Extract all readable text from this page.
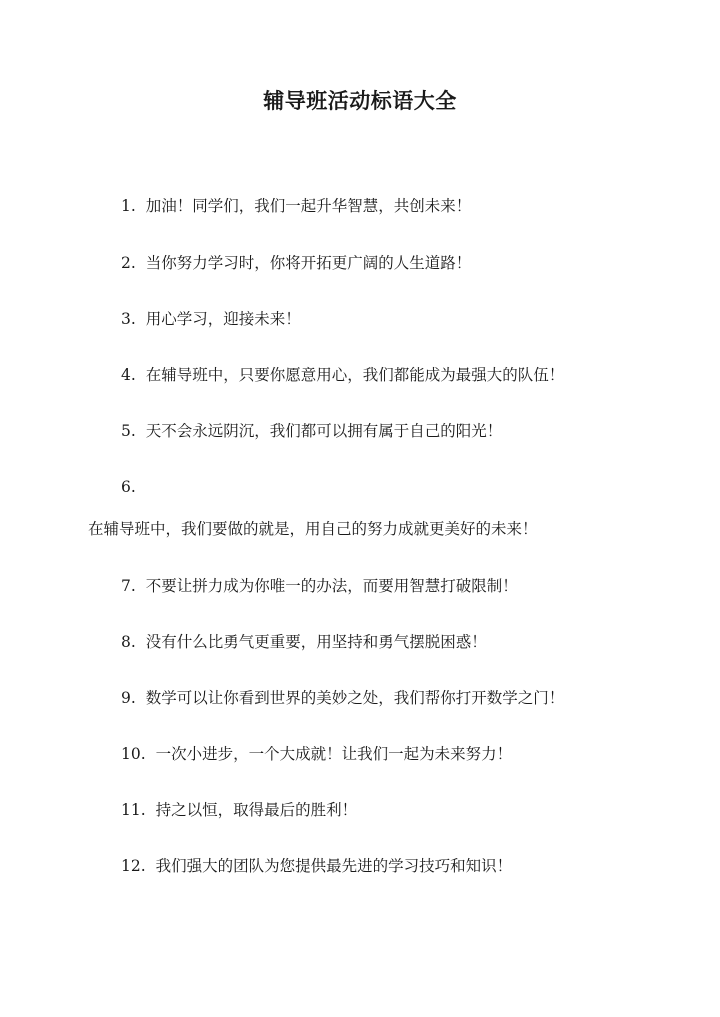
辅导班活动标语大全
1. 加油！同学们，我们一起升华智慧，共创未来！
2. 当你努力学习时，你将开拓更广阔的人生道路！
3. 用心学习，迎接未来！
4. 在辅导班中，只要你愿意用心，我们都能成为最强大的队伍！
5. 天不会永远阴沉，我们都可以拥有属于自己的阳光！
6.
在辅导班中，我们要做的就是，用自己的努力成就更美好的未来！
7. 不要让拼力成为你唯一的办法，而要用智慧打破限制！
8. 没有什么比勇气更重要，用坚持和勇气摆脱困惑！
9. 数学可以让你看到世界的美妙之处，我们帮你打开数学之门！
10. 一次小进步，一个大成就！让我们一起为未来努力！
11. 持之以恒，取得最后的胜利！
12. 我们强大的团队为您提供最先进的学习技巧和知识！
